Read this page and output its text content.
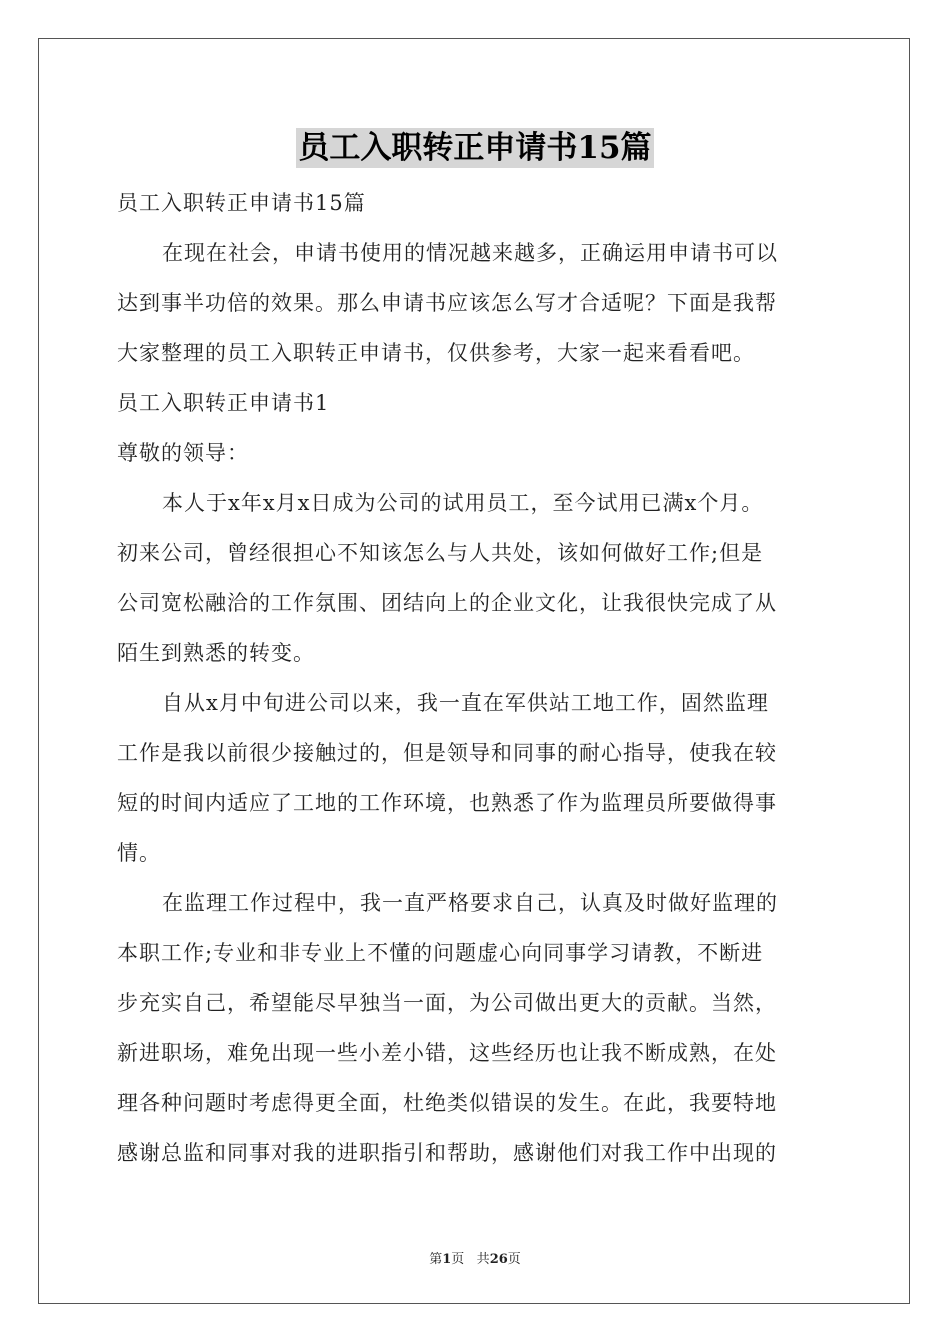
员工入职转正申请书15篇
员工入职转正申请书15篇
在现在社会，申请书使用的情况越来越多，正确运用申请书可以
达到事半功倍的效果。那么申请书应该怎么写才合适呢？下面是我帮
大家整理的员工入职转正申请书，仅供参考，大家一起来看看吧。
员工入职转正申请书1
尊敬的领导：
本人于x年x月x日成为公司的试用员工，至今试用已满x个月。
初来公司，曾经很担心不知该怎么与人共处，该如何做好工作;但是
公司宽松融洽的工作氛围、团结向上的企业文化，让我很快完成了从
陌生到熟悉的转变。
自从x月中旬进公司以来，我一直在军供站工地工作，固然监理
工作是我以前很少接触过的，但是领导和同事的耐心指导，使我在较
短的时间内适应了工地的工作环境，也熟悉了作为监理员所要做得事
情。
在监理工作过程中，我一直严格要求自己，认真及时做好监理的
本职工作;专业和非专业上不懂的问题虚心向同事学习请教，不断进
步充实自己，希望能尽早独当一面，为公司做出更大的贡献。当然，
新进职场，难免出现一些小差小错，这些经历也让我不断成熟，在处
理各种问题时考虑得更全面，杜绝类似错误的发生。在此，我要特地
感谢总监和同事对我的进职指引和帮助，感谢他们对我工作中出现的
第1页 共26页
